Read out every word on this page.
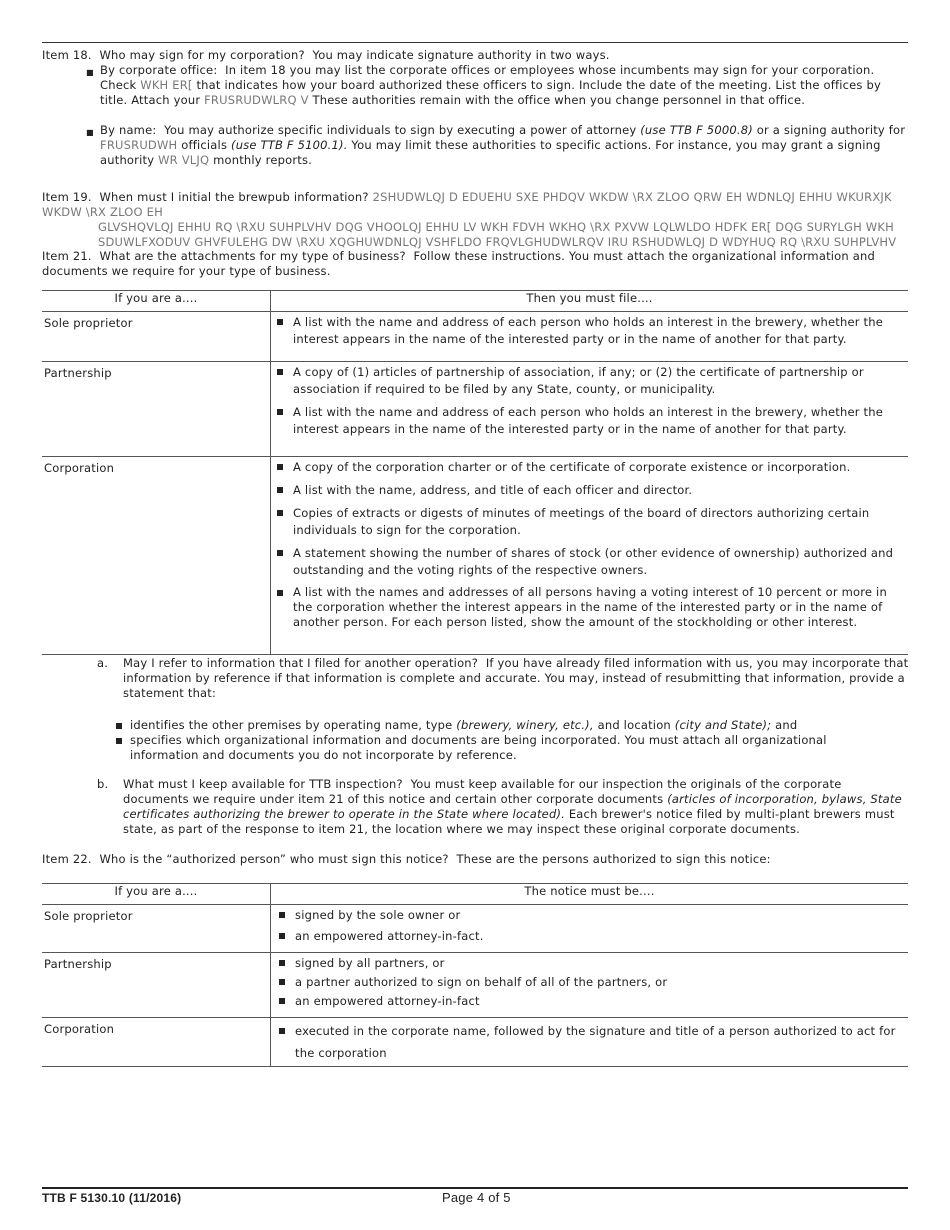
Item 18. Who may sign for my corporation? You may indicate signature authority in two ways.
■ By corporate office: In item 18 you may list the corporate offices or employees whose incumbents may sign for your corporation. Check WKH ER[ that indicates how your board authorized these officers to sign. Include the date of the meeting. List the offices by title. Attach your FRUSRUDWLRQ V These authorities remain with the office when you change personnel in that office.
■ By name: You may authorize specific individuals to sign by executing a power of attorney (use TTB F 5000.8) or a signing authority for FRUSRUDWH officials (use TTB F 5100.1). You may limit these authorities to specific actions. For instance, you may grant a signing authority WR VLJQ monthly reports.
Item 19. When must I initial the brewpub information? 2SHUDWLQJ D EDUEHU SXE PHDQV WKDW \RX ZLOO QRW EH WDNLQJ EHHU WKURXJK WKDW \RX ZLOO EH
GLVSHQVLQJ EHHU RQ \RXU SUHPLVHV DQG VHOOLQJ EHHU LV WKH FDVH WKHQ \RX PXVW LQLWLDO HDFK ER[ DQG SURYLGH WKH SDUWLFXODUV GHVFULEHG DW \RXU XQGHUWDNLQJ VSHFLDO FRQVLGHUDWLRQV IRU RSHUDWLQJ D WDYHUQ RQ \RXU SUHPLVHV
Item 21. What are the attachments for my type of business? Follow these instructions. You must attach the organizational information and documents we require for your type of business.
If you are a....	Then you must file....
Sole proprietor	A list with the name and address of each person who holds an interest in the brewery, whether the interest appears in the name of the interested party or in the name of another for that party.

Partnership	A copy of (1) articles of partnership of association, if any; or (2) the certificate of partnership or association if required to be filed by any State, county, or municipality.
A list with the name and address of each person who holds an interest in the brewery, whether the interest appears in the name of the interested party or in the name of another for that party.

Corporation	A copy of the corporation charter or of the certificate of corporate existence or incorporation.
A list with the name, address, and title of each officer and director.
Copies of extracts or digests of minutes of meetings of the board of directors authorizing certain individuals to sign for the corporation.
A statement showing the number of shares of stock (or other evidence of ownership) authorized and outstanding and the voting rights of the respective owners.
A list with the names and addresses of all persons having a voting interest of 10 percent or more in the corporation whether the interest appears in the name of the interested party or in the name of another person. For each person listed, show the amount of the stockholding or other interest.
a.	May I refer to information that I filed for another operation? If you have already filed information with us, you may incorporate that information by reference if that information is complete and accurate. You may, instead of resubmitting that information, provide a statement that:
identifies the other premises by operating name, type (brewery, winery, etc.), and location (city and State); and
specifies which organizational information and documents are being incorporated. You must attach all organizational information and documents you do not incorporate by reference.
b.	What must I keep available for TTB inspection? You must keep available for our inspection the originals of the corporate documents we require under item 21 of this notice and certain other corporate documents (articles of incorporation, bylaws, State certificates authorizing the brewer to operate in the State where located). Each brewer's notice filed by multi-plant brewers must state, as part of the response to item 21, the location where we may inspect these original corporate documents.
Item 22. Who is the “authorized person” who must sign this notice? These are the persons authorized to sign this notice:
If you are a....	The notice must be....
Sole proprietor	signed by the sole owner or
an empowered attorney-in-fact.

Partnership	signed by all partners, or
a partner authorized to sign on behalf of all of the partners, or
an empowered attorney-in-fact

Corporation	executed in the corporate name, followed by the signature and title of a person authorized to act for the corporation
TTB F 5130.10 (11/2016)	Page 4 of 5
